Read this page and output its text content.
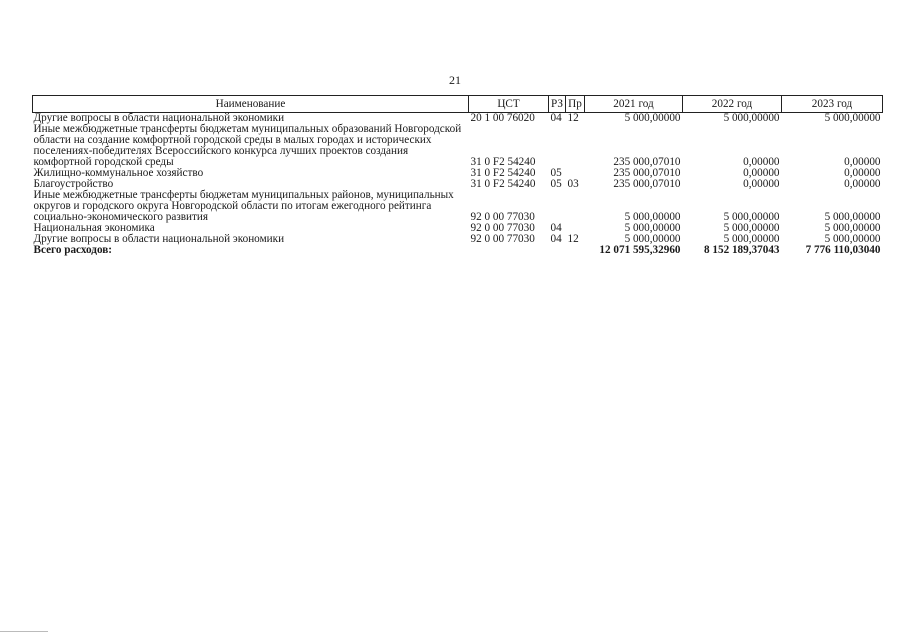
21
Наименование	ЦСТ	РЗ	Пр	2021 год	2022 год	2023 год
Другие вопросы в области национальной экономики	20 1 00 76020	04	12	5 000,00000	5 000,00000	5 000,00000
Иные межбюджетные трансферты бюджетам муниципальных образований Новгородской области на создание комфортной городской среды в малых городах и исторических поселениях-победителях Всероссийского конкурса лучших проектов создания комфортной городской среды	31 0 F2 54240			235 000,07010	0,00000	0,00000
Жилищно-коммунальное хозяйство	31 0 F2 54240	05		235 000,07010	0,00000	0,00000
Благоустройство	31 0 F2 54240	05	03	235 000,07010	0,00000	0,00000
Иные межбюджетные трансферты бюджетам муниципальных районов, муниципальных округов и городского округа Новгородской области по итогам ежегодного рейтинга социально-экономического развития	92 0 00 77030			5 000,00000	5 000,00000	5 000,00000
Национальная экономика	92 0 00 77030	04		5 000,00000	5 000,00000	5 000,00000
Другие вопросы в области национальной экономики	92 0 00 77030	04	12	5 000,00000	5 000,00000	5 000,00000
Всего расходов:				12 071 595,32960	8 152 189,37043	7 776 110,03040
